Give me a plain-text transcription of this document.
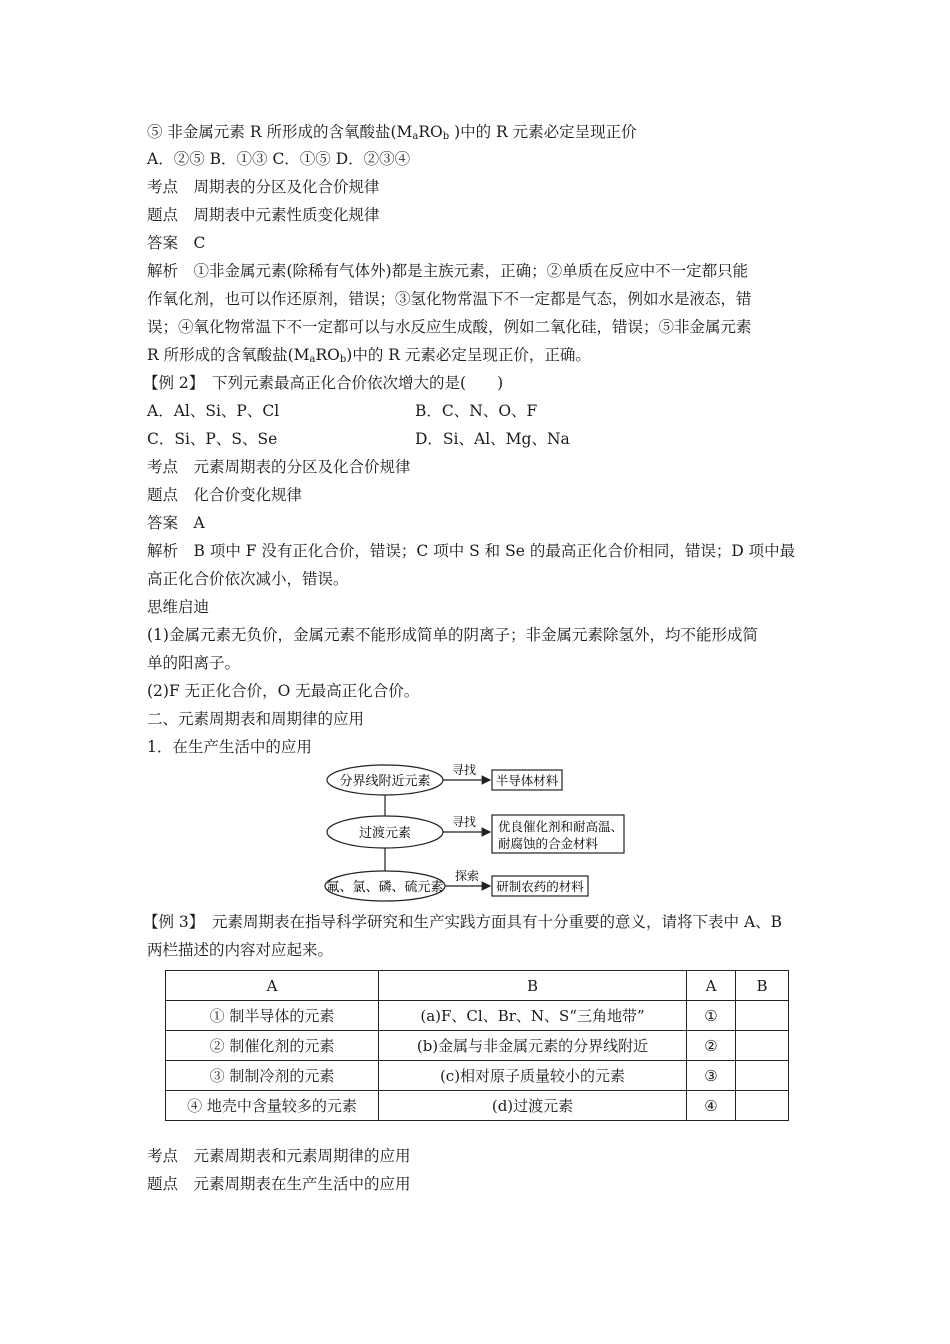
⑤ 非金属元素 R 所形成的含氧酸盐($M_aRO_b$ )中的 R 元素必定呈现正价
A．②⑤ B．①③ C．①⑤ D．②③④
考点　周期表的分区及化合价规律
题点　周期表中元素性质变化规律
答案　C
解析　①非金属元素(除稀有气体外)都是主族元素，正确；②单质在反应中不一定都只能
作氧化剂，也可以作还原剂，错误；③氢化物常温下不一定都是气态，例如水是液态，错
误；④氧化物常温下不一定都可以与水反应生成酸，例如二氧化硅，错误；⑤非金属元素
R 所形成的含氧酸盐$(M_aRO_b)$中的 R 元素必定呈现正价，正确。
【例 2】　下列元素最高正化合价依次增大的是(　　)
A．Al、Si、P、Cl	B．C、N、O、F
C．Si、P、S、Se	D．Si、Al、Mg、Na
考点　元素周期表的分区及化合价规律
题点　化合价变化规律
答案　A
解析　B 项中 F 没有正化合价，错误；C 项中 S 和 Se 的最高正化合价相同，错误；D 项中最
高正化合价依次减小，错误。
思维启迪
(1)金属元素无负价，金属元素不能形成简单的阴离子；非金属元素除氢外，均不能形成简
单的阳离子。
(2)F 无正化合价，O 无最高正化合价。
二、元素周期表和周期律的应用
1．在生产生活中的应用
分界线附近元素
过渡元素
氟、氯、磷、硫元素
寻找
寻找
探索
半导体材料
优良催化剂和耐高温、
耐腐蚀的合金材料
研制农药的材料
【例 3】　元素周期表在指导科学研究和生产实践方面具有十分重要的意义，请将下表中 A、B
两栏描述的内容对应起来。
A	B	A	B
① 制半导体的元素	(a)F、Cl、Br、N、S“三角地带”	①	
② 制催化剂的元素	(b)金属与非金属元素的分界线附近	②	
③ 制制冷剂的元素	(c)相对原子质量较小的元素	③	
④ 地壳中含量较多的元素	(d)过渡元素	④	
考点　元素周期表和元素周期律的应用
题点　元素周期表在生产生活中的应用
